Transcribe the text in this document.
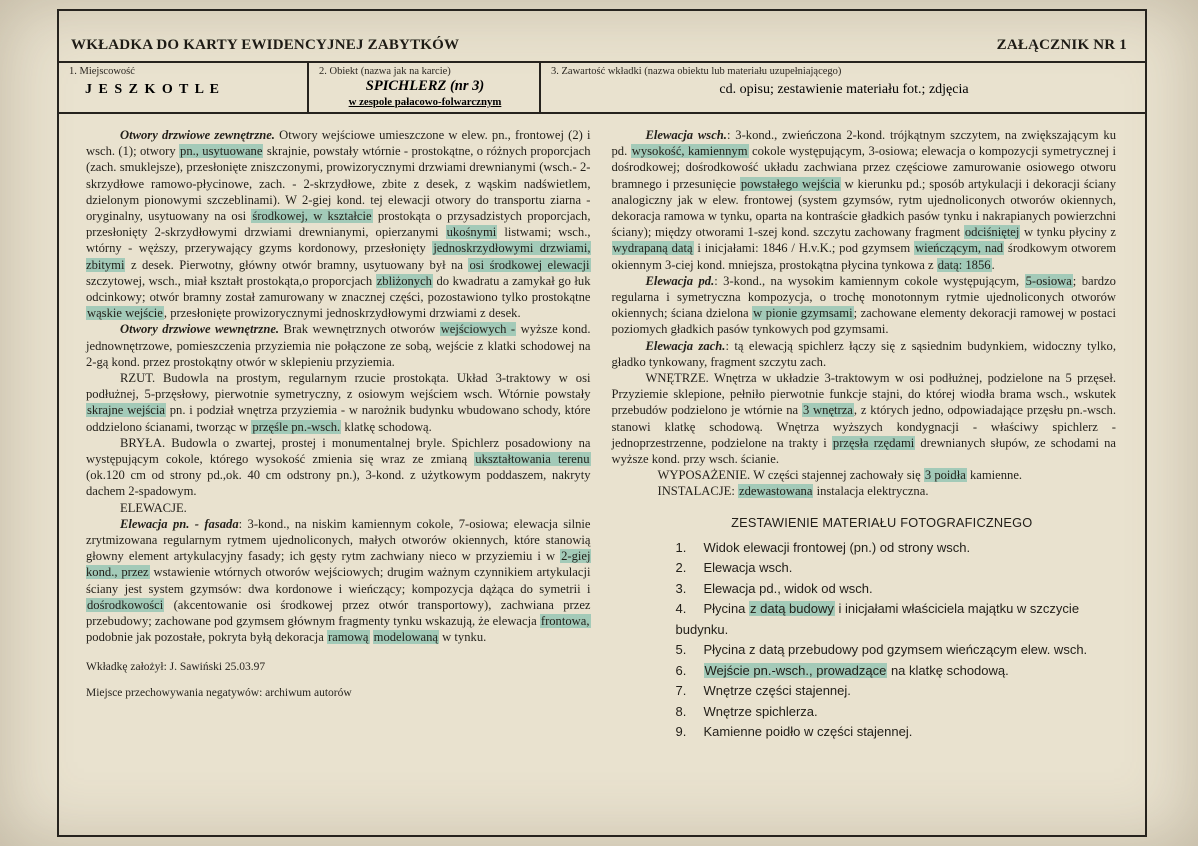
WKŁADKA DO KARTY EWIDENCYJNEJ ZABYTKÓW	ZAŁĄCZNIK NR 1
1. Miejscowość
J E S Z K O T L E
2. Obiekt (nazwa jak na karcie)
SPICHLERZ (nr 3)
w zespole pałacowo-folwarcznym
3. Zawartość wkładki (nazwa obiektu lub materiału uzupełniającego)
cd. opisu; zestawienie materiału fot.; zdjęcia

Otwory drzwiowe zewnętrzne. Otwory wejściowe umieszczone w elew. pn., frontowej (2) i wsch. (1); otwory pn., usytuowane skrajnie, powstały wtórnie - prostokątne, o różnych proporcjach (zach. smuklejsze), przesłonięte zniszczonymi, prowizorycznymi drzwiami drewnianymi (wsch.- 2-skrzydłowe ramowo-płycinowe, zach. - 2-skrzydłowe, zbite z desek, z wąskim nadświetlem, dzielonym pionowymi szczeblinami). W 2-giej kond. tej elewacji otwory do transportu ziarna - oryginalny, usytuowany na osi środkowej, w kształcie prostokąta o przysadzistych proporcjach, przesłonięty 2-skrzydłowymi drzwiami drewnianymi, opierzanymi ukośnymi listwami; wsch., wtórny - węższy, przerywający gzyms kordonowy, przesłonięty jednoskrzydłowymi drzwiami, zbitymi z desek. Pierwotny, główny otwór bramny, usytuowany był na osi środkowej elewacji szczytowej, wsch., miał kształt prostokąta,o proporcjach zbliżonych do kwadratu a zamykał go łuk odcinkowy; otwór bramny został zamurowany w znacznej części, pozostawiono tylko prostokątne wąskie wejście, przesłonięte prowizorycznymi jednoskrzydłowymi drzwiami z desek.

Otwory drzwiowe wewnętrzne. Brak wewnętrznych otworów wejściowych - wyższe kond. jednownętrzowe, pomieszczenia przyziemia nie połączone ze sobą, wejście z klatki schodowej na 2-gą kond. przez prostokątny otwór w sklepieniu przyziemia.

RZUT. Budowla na prostym, regularnym rzucie prostokąta. Układ 3-traktowy w osi podłużnej, 5-przęsłowy, pierwotnie symetryczny, z osiowym wejściem wsch. Wtórnie powstały skrajne wejścia pn. i podział wnętrza przyziemia - w narożnik budynku wbudowano schody, które oddzielono ścianami, tworząc w przęśle pn.-wsch. klatkę schodową.

BRYŁA. Budowla o zwartej, prostej i monumentalnej bryle. Spichlerz posadowiony na występującym cokole, którego wysokość zmienia się wraz ze zmianą ukształtowania terenu (ok.120 cm od strony pd.,ok. 40 cm odstrony pn.), 3-kond. z użytkowym poddaszem, nakryty dachem 2-spadowym.

ELEWACJE.

Elewacja pn. - fasada: 3-kond., na niskim kamiennym cokole, 7-osiowa; elewacja silnie zrytmizowana regularnym rytmem ujednoliconych, małych otworów okiennych, które stanowią głowny element artykulacyjny fasady; ich gęsty rytm zachwiany nieco w przyziemiu i w 2-giej kond., przez wstawienie wtórnych otworów wejściowych; drugim ważnym czynnikiem artykulacji ściany jest system gzymsów: dwa kordonowe i wieńczący; kompozycja dążąca do symetrii i dośrodkowości (akcentowanie osi środkowej przez otwór transportowy), zachwiana przez przebudowy; zachowane pod gzymsem głównym fragmenty tynku wskazują, że elewacja frontowa, podobnie jak pozostałe, pokryta byłą dekoracja ramową modelowaną w tynku.

Wkładkę założył: J. Sawiński 25.03.97
Miejsce przechowywania negatywów: archiwum autorów

Elewacja wsch.: 3-kond., zwieńczona 2-kond. trójkątnym szczytem, na zwiększającym ku pd. wysokość, kamiennym cokole występującym, 3-osiowa; elewacja o kompozycji symetrycznej i dośrodkowej; dośrodkowość układu zachwiana przez częściowe zamurowanie osiowego otworu bramnego i przesunięcie powstałego wejścia w kierunku pd.; sposób artykulacji i dekoracji ściany analogiczny jak w elew. frontowej (system gzymsów, rytm ujednoliconych otworów okiennych, dekoracja ramowa w tynku, oparta na kontraście gładkich pasów tynku i nakrapianych powierzchni ściany); między otworami 1-szej kond. szczytu zachowany fragment odciśniętej w tynku płyciny z wydrapaną datą i inicjałami: 1846 / H.v.K.; pod gzymsem wieńczącym, nad środkowym otworem okiennym 3-ciej kond. mniejsza, prostokątna płycina tynkowa z datą: 1856.

Elewacja pd.: 3-kond., na wysokim kamiennym cokole występującym, 5-osiowa; bardzo regularna i symetryczna kompozycja, o trochę monotonnym rytmie ujednoliconych otworów okiennych; ściana dzielona w pionie gzymsami; zachowane elementy dekoracji ramowej w postaci poziomych gładkich pasów tynkowych pod gzymsami.

Elewacja zach.: tą elewacją spichlerz łączy się z sąsiednim budynkiem, widoczny tylko, gładko tynkowany, fragment szczytu zach.

WNĘTRZE. Wnętrza w układzie 3-traktowym w osi podłużnej, podzielone na 5 przęseł. Przyziemie sklepione, pełniło pierwotnie funkcje stajni, do której wiodła brama wsch., wskutek przebudów podzielono je wtórnie na 3 wnętrza, z których jedno, odpowiadające przęsłu pn.-wsch. stanowi klatkę schodową. Wnętrza wyższych kondygnacji - właściwy spichlerz - jednoprzestrzenne, podzielone na trakty i przęsła rzędami drewnianych słupów, ze schodami na wyższe kond. przy wsch. ścianie.

WYPOSAŻENIE. W części stajennej zachowały się 3 poidła kamienne.

INSTALACJE: zdewastowana instalacja elektryczna.

ZESTAWIENIE MATERIAŁU FOTOGRAFICZNEGO
1. Widok elewacji frontowej (pn.) od strony wsch.
2. Elewacja wsch.
3. Elewacja pd., widok od wsch.
4. Płycina z datą budowy i inicjałami właściciela majątku w szczycie budynku.
5. Płycina z datą przebudowy pod gzymsem wieńczącym elew. wsch.
6. Wejście pn.-wsch., prowadzące na klatkę schodową.
7. Wnętrze części stajennej.
8. Wnętrze spichlerza.
9. Kamienne poidło w części stajennej.
